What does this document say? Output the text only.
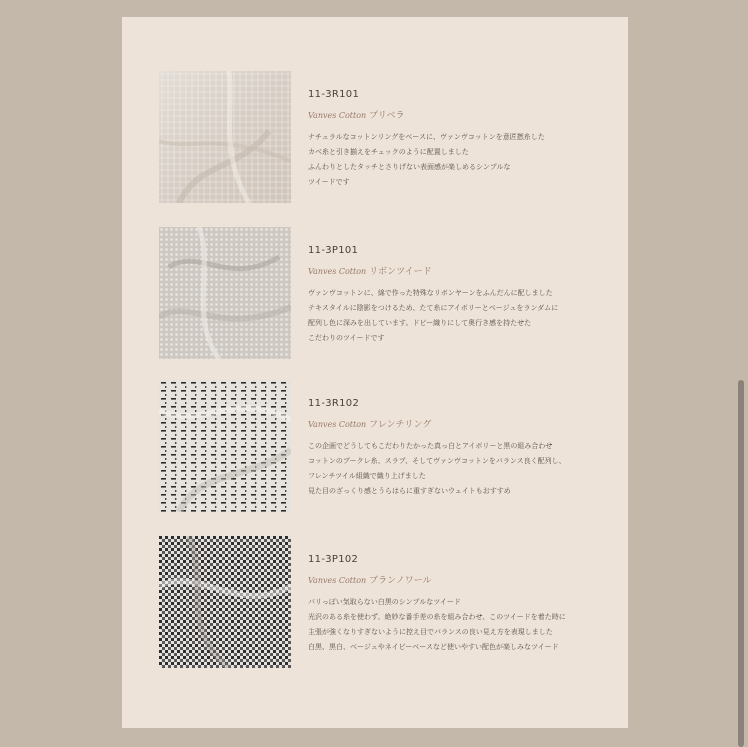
11-3R101
Vanves Cotton プリベラ
ナチュラルなコットンリングをベースに、ヴァンヴコットンを意匠撚糸した
カベ糸と引き揃えをチェックのように配置しました
ふんわりとしたタッチとさりげない表面感が楽しめるシンプルな
ツイードです
11-3P101
Vanves Cotton リボンツイード
ヴァンヴコットンに、綿で作った特殊なリボンヤーンをふんだんに配しました
テキスタイルに陰影をつけるため、たて糸にアイボリーとベージュをランダムに
配列し色に深みを出しています。ドビー織りにして奥行き感を持たせた
こだわりのツイードです
11-3R102
Vanves Cotton フレンチリング
この企画でどうしてもこだわりたかった真っ白とアイボリーと黒の組み合わせ
コットンのブークレ糸、スラブ、そしてヴァンヴコットンをバランス良く配列し、
フレンチツイル組織で織り上げました
見た目のざっくり感とうらはらに重すぎないウェイトもおすすめ
11-3P102
Vanves Cotton ブランノワール
パリっぽい気取らない白黒のシンプルなツイード
光沢のある糸を使わず、絶妙な番手差の糸を組み合わせ、このツイードを着た時に
主張が強くなりすぎないように控え目でバランスの良い見え方を表現しました
白黒、黒白、ベージュやネイビーベースなど使いやすい配色が楽しみなツイード
